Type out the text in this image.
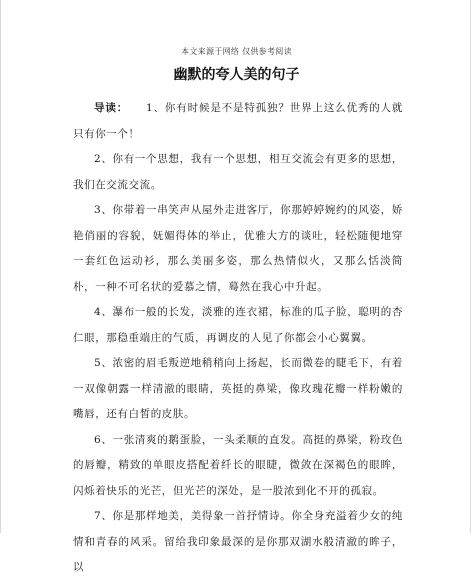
本文来源于网络 仅供参考阅读
幽默的夸人美的句子

导读： 1、你有时候是不是特孤独？世界上这么优秀的人就只有你一个！

2、你有一个思想，我有一个思想，相互交流会有更多的思想，我们在交流交流。

3、你带着一串笑声从屋外走进客厅，你那婷婷婉约的风姿，娇艳俏丽的容貌，妩媚得体的举止，优雅大方的谈吐，轻松随便地穿一套红色运动衫，那么美丽多姿，那么热情似火，又那么恬淡简朴，一种不可名状的爱慕之情，蓦然在我心中升起。

4、瀑布一般的长发，淡雅的连衣裙，标准的瓜子脸，聪明的杏仁眼，那稳重端庄的气质，再调皮的人见了你都会小心翼翼。

5、浓密的眉毛叛逆地稍稍向上扬起，长而微卷的睫毛下，有着一双像朝露一样清澈的眼睛，英挺的鼻梁，像玫瑰花瓣一样粉嫩的嘴唇，还有白皙的皮肤。

6、一张清爽的鹅蛋脸，一头柔顺的直发。高挺的鼻梁，粉玫色的唇瓣，精致的单眼皮搭配着纤长的眼睫，微敛在深褐色的眼眸，闪烁着快乐的光芒，但光芒的深处，是一股浓到化不开的孤寂。

7、你是那样地美，美得象一首抒情诗。你全身充溢着少女的纯情和青春的风采。留给我印象最深的是你那双湖水般清澈的眸子，以
